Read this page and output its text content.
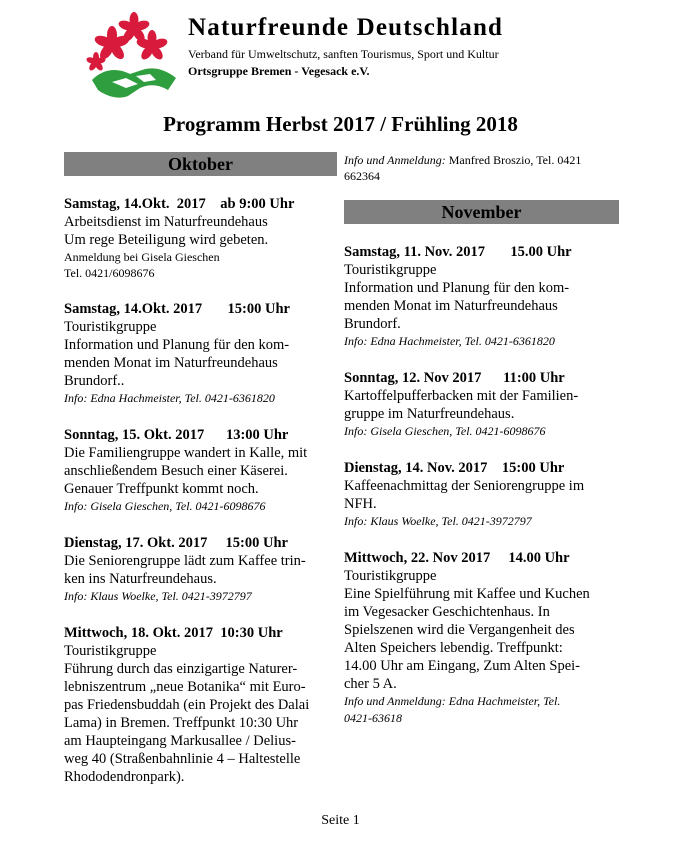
Naturfreunde Deutschland
Verband für Umweltschutz, sanften Tourismus, Sport und Kultur
Ortsgruppe Bremen - Vegesack e.V.
Programm Herbst 2017 / Frühling 2018
Oktober
Samstag, 14.Okt.  2017    ab 9:00 Uhr
Arbeitsdienst im Naturfreundehaus
Um rege Beteiligung wird gebeten.
Anmeldung bei Gisela Gieschen
Tel. 0421/6098676
Samstag, 14.Okt. 2017       15:00 Uhr
Touristikgruppe
Information und Planung für den kom-
menden Monat im Naturfreundehaus
Brundorf..
Info: Edna Hachmeister, Tel. 0421-6361820
Sonntag, 15. Okt. 2017      13:00 Uhr
Die Familiengruppe wandert in Kalle, mit
anschließendem Besuch einer Käserei.
Genauer Treffpunkt kommt noch.
Info: Gisela Gieschen, Tel. 0421-6098676
Dienstag, 17. Okt. 2017     15:00 Uhr
Die Seniorengruppe lädt zum Kaffee trin-
ken ins Naturfreundehaus.
Info: Klaus Woelke, Tel. 0421-3972797
Mittwoch, 18. Okt. 2017  10:30 Uhr
Touristikgruppe
Führung durch das einzigartige Naturer-
lebniszentrum „neue Botanika“ mit Euro-
pas Friedensbuddah (ein Projekt des Dalai
Lama) in Bremen. Treffpunkt 10:30 Uhr
am Haupteingang Markusallee / Delius-
weg 40 (Straßenbahnlinie 4 – Haltestelle
Rhododendronpark).
Info und Anmeldung: Manfred Broszio, Tel. 0421
662364
November
Samstag, 11. Nov. 2017       15.00 Uhr
Touristikgruppe
Information und Planung für den kom-
menden Monat im Naturfreundehaus
Brundorf.
Info: Edna Hachmeister, Tel. 0421-6361820
Sonntag, 12. Nov 2017      11:00 Uhr
Kartoffelpufferbacken mit der Familien-
gruppe im Naturfreundehaus.
Info: Gisela Gieschen, Tel. 0421-6098676
Dienstag, 14. Nov. 2017    15:00 Uhr
Kaffeenachmittag der Seniorengruppe im
NFH.
Info: Klaus Woelke, Tel. 0421-3972797
Mittwoch, 22. Nov 2017     14.00 Uhr
Touristikgruppe
Eine Spielführung mit Kaffee und Kuchen
im Vegesacker Geschichtenhaus. In
Spielszenen wird die Vergangenheit des
Alten Speichers lebendig. Treffpunkt:
14.00 Uhr am Eingang, Zum Alten Spei-
cher 5 A.
Info und Anmeldung: Edna Hachmeister, Tel.
0421-63618
Seite 1
